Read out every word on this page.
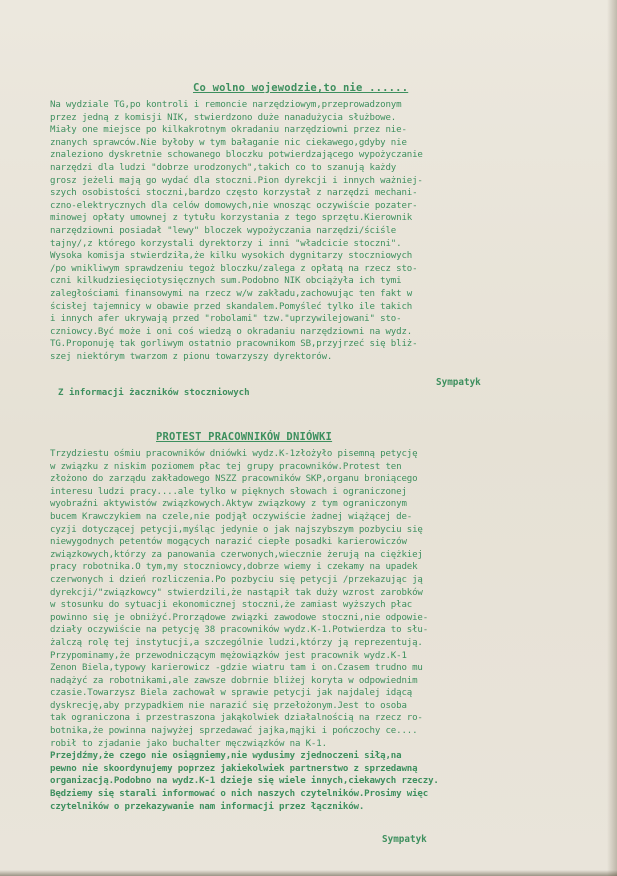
Co wolno wojewodzie,to nie ......
Na wydziale TG,po kontroli i remoncie narzędziowym,przeprowadzonym
przez jedną z komisji NIK, stwierdzono duże nanadużycia służbowe.
Miały one miejsce po kilkakrotnym okradaniu narzędziowni przez nie-
znanych sprawców.Nie byłoby w tym bałaganie nic ciekawego,gdyby nie
znaleziono dyskretnie schowanego bloczku potwierdzającego wypożyczanie
narzędzi dla ludzi "dobrze urodzonych",takich co to szanują każdy
grosz jeżeli mają go wydać dla stoczni.Pion dyrekcji i innych ważniej-
szych osobistości stoczni,bardzo często korzystał z narzędzi mechani-
czno-elektrycznych dla celów domowych,nie wnosząc oczywiście pozater-
minowej opłaty umownej z tytułu korzystania z tego sprzętu.Kierownik
narzędziowni posiadał "lewy" bloczek wypożyczania narzędzi/ściśle
tajny/,z którego korzystali dyrektorzy i inni "władcicie stoczni".
Wysoka komisja stwierdziła,że kilku wysokich dygnitarzy stoczniowych
/po wnikliwym sprawdzeniu tegoż bloczku/zalega z opłatą na rzecz sto-
czni kilkudziesięciotysięcznych sum.Podobno NIK obciążyła ich tymi
zaległościami finansowymi na rzecz w/w zakładu,zachowując ten fakt w
ścisłej tajemnicy w obawie przed skandalem.Pomyśleć tylko ile takich
i innych afer ukrywają przed "robolami" tzw."uprzywilejowani" sto-
czniowcy.Być może i oni coś wiedzą o okradaniu narzędziowni na wydz.
TG.Proponuję tak gorliwym ostatnio pracownikom SB,przyjrzeć się bliż-
szej niektórym twarzom z pionu towarzyszy dyrektorów.
Sympatyk
Z informacji żaczników stoczniowych
PROTEST PRACOWNIKÓW DNIÓWKI
Trzydziestu ośmiu pracowników dniówki wydz.K-1złożyło pisemną petycję
w związku z niskim poziomem płac tej grupy pracowników.Protest ten
złożono do zarządu zakładowego NSZZ pracowników SKP,organu broniącego
interesu ludzi pracy....ale tylko w pięknych słowach i ograniczonej
wyobraźni aktywistów związkowych.Aktyw związkowy z tym ograniczonym
bucem Krawczykiem na czele,nie podjął oczywiście żadnej wiążącej de-
cyzji dotyczącej petycji,myśląc jedynie o jak najszybszym pozbyciu się
niewygodnych petentów mogących narazić ciepłe posadki karierowiczów
związkowych,którzy za panowania czerwonych,wiecznie żerują na ciężkiej
pracy robotnika.O tym,my stoczniowcy,dobrze wiemy i czekamy na upadek
czerwonych i dzień rozliczenia.Po pozbyciu się petycji /przekazując ją
dyrekcji/"związkowcy" stwierdzili,że nastąpił tak duży wzrost zarobków
w stosunku do sytuacji ekonomicznej stoczni,że zamiast wyższych płac
powinno się je obniżyć.Prorządowe związki zawodowe stoczni,nie odpowie-
działy oczywiście na petycję 38 pracowników wydz.K-1.Potwierdza to słu-
żalczą rolę tej instytucji,a szczególnie ludzi,którzy ją reprezentują.
Przypominamy,że przewodniczącym mężowiązków jest pracownik wydz.K-1
Zenon Biela,typowy karierowicz -gdzie wiatru tam i on.Czasem trudno mu
nadążyć za robotnikami,ale zawsze dobrnie bliżej koryta w odpowiednim
czasie.Towarzysz Biela zachował w sprawie petycji jak najdalej idącą
dyskrecję,aby przypadkiem nie narazić się przełożonym.Jest to osoba
tak ograniczona i przestraszona jakąkolwiek działalnością na rzecz ro-
botnika,że powinna najwyżej sprzedawać jajka,mąjki i pończochy ce....
robił to zjadanie jako buchalter męczwiązków na K-1.
Przejdźmy,że czego nie osiągniemy,nie wydusimy zjednoczeni siłą,na
pewno nie skoordynujemy poprzez jakiekolwiek partnerstwo z sprzedawną
organizacją.Podobno na wydz.K-1 dzieje się wiele innych,ciekawych rzeczy.
Będziemy się starali informować o nich naszych czytelników.Prosimy więc
czytelników o przekazywanie nam informacji przez łączników.
Sympatyk
